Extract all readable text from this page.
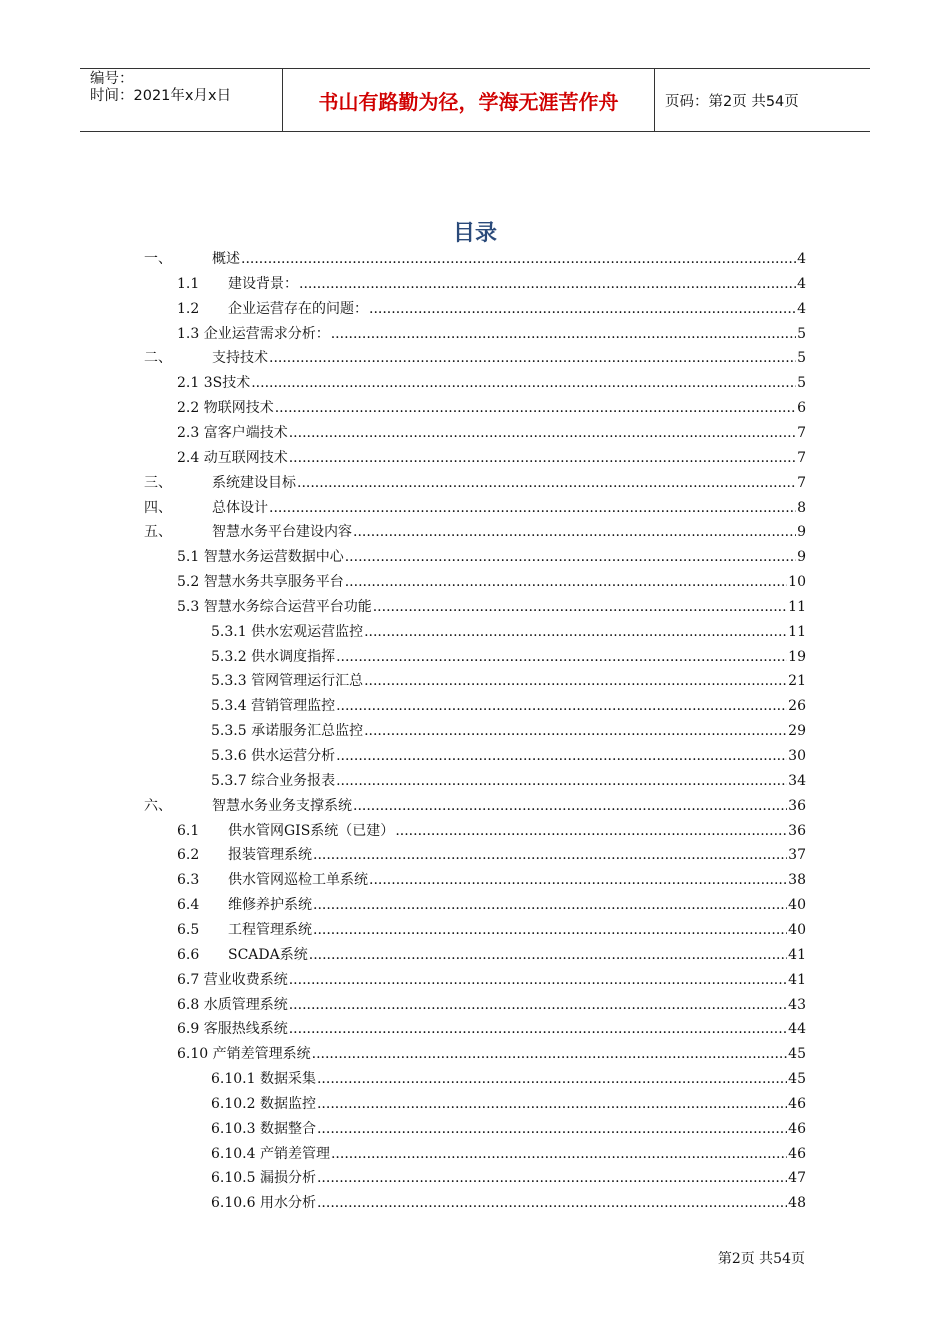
编号：
时间：2021年x月x日	书山有路勤为径，学海无涯苦作舟	页码：第2页 共54页
目录
一、	概述 .....	4
1.1	建设背景： .....	4
1.2	企业运营存在的问题： .....	4
1.3 企业运营需求分析： .....	5
二、	支持技术 .....	5
2.1 3S技术 .....	5
2.2 物联网技术 .....	6
2.3 富客户端技术 .....	7
2.4 动互联网技术 .....	7
三、	系统建设目标 .....	7
四、	总体设计 .....	8
五、	智慧水务平台建设内容 .....	9
5.1 智慧水务运营数据中心 .....	9
5.2 智慧水务共享服务平台 .....	10
5.3 智慧水务综合运营平台功能 .....	11
5.3.1 供水宏观运营监控 .....	11
5.3.2 供水调度指挥 .....	19
5.3.3 管网管理运行汇总 .....	21
5.3.4 营销管理监控 .....	26
5.3.5 承诺服务汇总监控 .....	29
5.3.6 供水运营分析 .....	30
5.3.7 综合业务报表 .....	34
六、	智慧水务业务支撑系统 .....	36
6.1	供水管网GIS系统（已建） .....	36
6.2	报装管理系统 .....	37
6.3	供水管网巡检工单系统 .....	38
6.4	维修养护系统 .....	40
6.5	工程管理系统 .....	40
6.6	SCADA系统 .....	41
6.7 营业收费系统 .....	41
6.8 水质管理系统 .....	43
6.9 客服热线系统 .....	44
6.10 产销差管理系统 .....	45
6.10.1 数据采集 .....	45
6.10.2 数据监控 .....	46
6.10.3 数据整合 .....	46
6.10.4 产销差管理 .....	46
6.10.5 漏损分析 .....	47
6.10.6 用水分析 .....	48
第2页 共54页
